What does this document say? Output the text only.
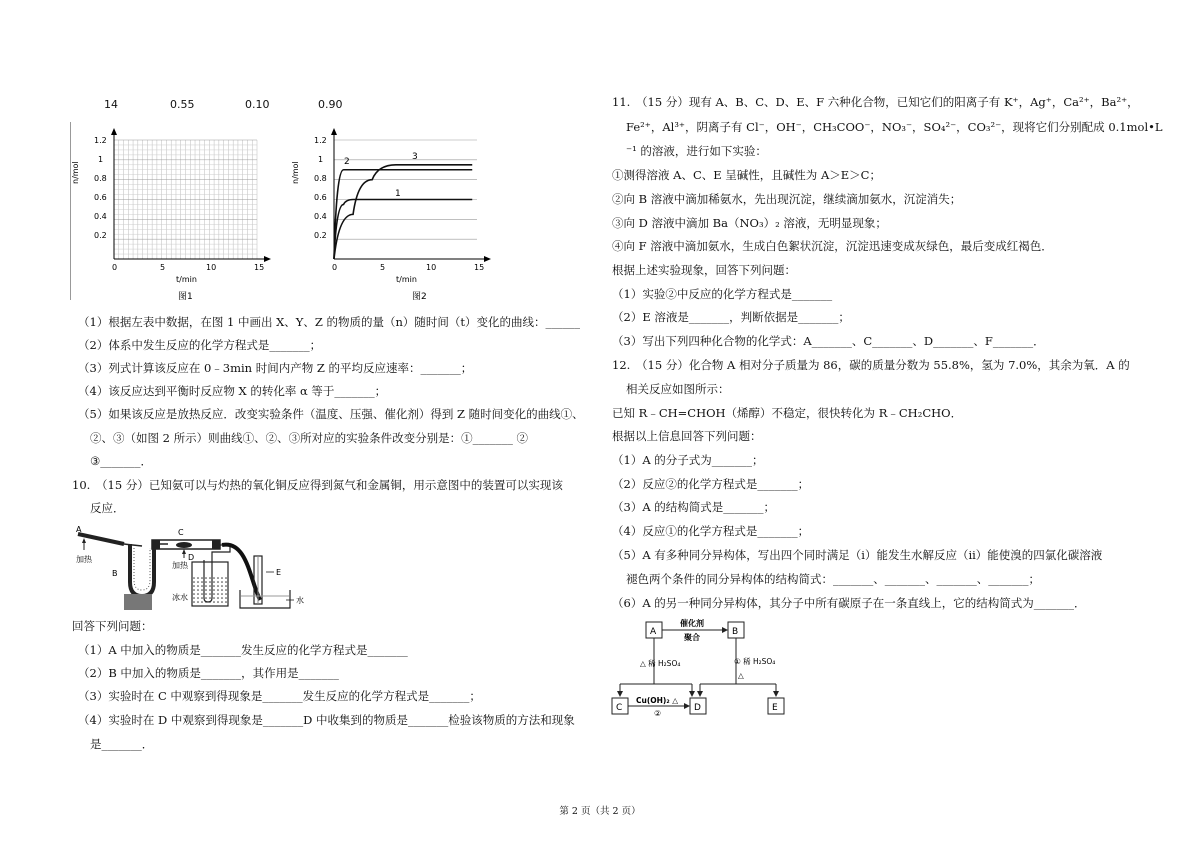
14	0.55	0.10	0.90
n/mol
1.2
1
0.8
0.6
0.4
0.2
0	5	10	15
t/min
图1
n/mol
1.2
1
0.8
0.6
0.4
0.2
0	5	10	15
t/min
图2
1
2	3
（1）根据左表中数据，在图 1 中画出 X、Y、Z 的物质的量（n）随时间（t）变化的曲线：______
（2）体系中发生反应的化学方程式是_______；
（3）列式计算该反应在 0﹣3min 时间内产物 Z 的平均反应速率：_______；
（4）该反应达到平衡时反应物 X 的转化率 α 等于_______；
（5）如果该反应是放热反应．改变实验条件（温度、压强、催化剂）得到 Z 随时间变化的曲线①、
②、③（如图 2 所示）则曲线①、②、③所对应的实验条件改变分别是：①_______ ②
③_______．
10.　（15 分）已知氨可以与灼热的氧化铜反应得到氮气和金属铜，用示意图中的装置可以实现该
反应．
A
加热
B
C
加热
D
冰水
E
水
回答下列问题：
（1）A 中加入的物质是_______发生反应的化学方程式是_______
（2）B 中加入的物质是_______，其作用是_______
（3）实验时在 C 中观察到得现象是_______发生反应的化学方程式是_______；
（4）实验时在 D 中观察到得现象是_______D 中收集到的物质是_______检验该物质的方法和现象
是_______．
11.　（15 分）现有 A、B、C、D、E、F 六种化合物，已知它们的阳离子有 K⁺，Ag⁺，Ca²⁺，Ba²⁺，
Fe²⁺，Al³⁺，阴离子有 Cl⁻，OH⁻，CH₃COO⁻，NO₃⁻，SO₄²⁻，CO₃²⁻，现将它们分别配成 0.1mol•L
⁻¹ 的溶液，进行如下实验：
①测得溶液 A、C、E 呈碱性，且碱性为 A＞E＞C；
②向 B 溶液中滴加稀氨水，先出现沉淀，继续滴加氨水，沉淀消失；
③向 D 溶液中滴加 Ba（NO₃）₂ 溶液，无明显现象；
④向 F 溶液中滴加氨水，生成白色絮状沉淀，沉淀迅速变成灰绿色，最后变成红褐色．
根据上述实验现象，回答下列问题：
（1）实验②中反应的化学方程式是_______
（2）E 溶液是_______，判断依据是_______；
（3）写出下列四种化合物的化学式：A_______、C_______、D_______、F_______．
12.　（15 分）化合物 A 相对分子质量为 86，碳的质量分数为 55.8%，氢为 7.0%，其余为氧．A 的
相关反应如图所示：
已知 R﹣CH=CHOH（烯醇）不稳定，很快转化为 R﹣CH₂CHO．
根据以上信息回答下列问题：
（1）A 的分子式为_______；
（2）反应②的化学方程式是_______；
（3）A 的结构简式是_______；
（4）反应①的化学方程式是_______；
（5）A 有多种同分异构体，写出四个同时满足（i）能发生水解反应（ii）能使溴的四氯化碳溶液
褪色两个条件的同分异构体的结构简式：_______、_______、_______、_______；
（6）A 的另一种同分异构体，其分子中所有碳原子在一条直线上，它的结构简式为_______．
A	B
催化剂
聚合
△ 稀 H₂SO₄	① 稀 H₂SO₄
△
C	D	E
Cu(OH)₂ △
②
第 2 页（共 2 页）
